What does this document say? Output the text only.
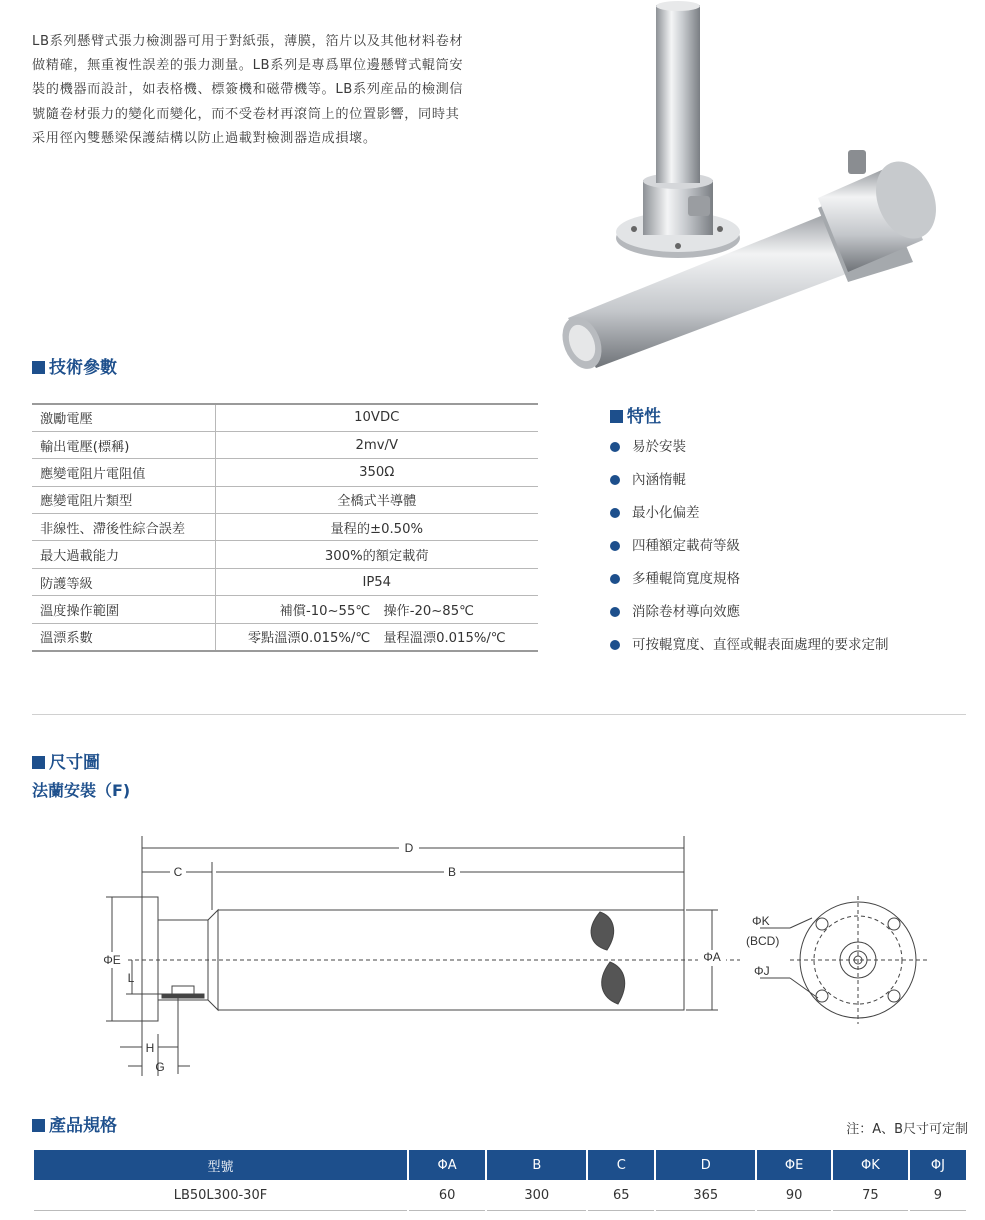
LB系列懸臂式張力檢測器可用于對紙張，薄膜，箔片以及其他材料卷材做精確，無重複性誤差的張力測量。LB系列是專爲單位邊懸臂式輥筒安裝的機器而設計，如表格機、標簽機和磁帶機等。LB系列産品的檢測信號隨卷材張力的變化而變化，而不受卷材再滾筒上的位置影響，同時其采用徑內雙懸梁保護結構以防止過載對檢測器造成損壞。

技術參數
激勵電壓	10VDC
輸出電壓(標稱)	2mv/V
應變電阻片電阻值	350Ω
應變電阻片類型	全橋式半導體
非線性、滯後性綜合誤差	量程的±0.50%
最大過載能力	300%的額定載荷
防護等級	IP54
溫度操作範圍	補償-10~55℃　操作-20~85℃
溫漂系數	零點溫漂0.015%/℃　量程溫漂0.015%/℃
特性
易於安裝
內涵惰輥
最小化偏差
四種額定載荷等級
多種輥筒寬度規格
消除卷材導向效應
可按輥寬度、直徑或輥表面處理的要求定制
尺寸圖
法蘭安裝（F)
D
C	B
ΦE
L
ΦA
H
G
ΦK
(BCD)
ΦJ
產品規格	注：A、B尺寸可定制

型號	ΦA	B	C	D	ΦE	ΦK	ΦJ
LB50L300-30F	60	300	65	365	90	75	9
